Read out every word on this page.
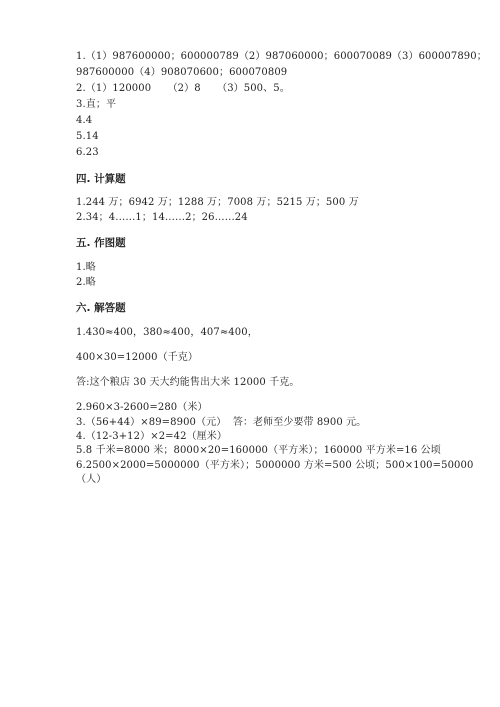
1.（1）987600000；600000789（2）987060000；600070089（3）600007890；
987600000（4）908070600；600070809
2.（1）120000     （2）8     （3）500、5。
3.直；平
4.4
5.14
6.23
四. 计算题
1.244 万；6942 万；1288 万；7008 万；5215 万；500 万
2.34；4……1；14……2；26……24
五. 作图题
1.略
2.略
六. 解答题
1.430≈400，380≈400，407≈400，
400×30=12000（千克）
答:这个粮店 30 天大约能售出大米 12000 千克。
2.960×3-2600=280（米）
3.（56+44）×89=8900（元）  答：老师至少要带 8900 元。
4.（12-3+12）×2=42（厘米）
5.8 千米=8000 米；8000×20=160000（平方米）；160000 平方米=16 公顷
6.2500×2000=5000000（平方米）；5000000 方米=500 公顷；500×100=50000
（人）
